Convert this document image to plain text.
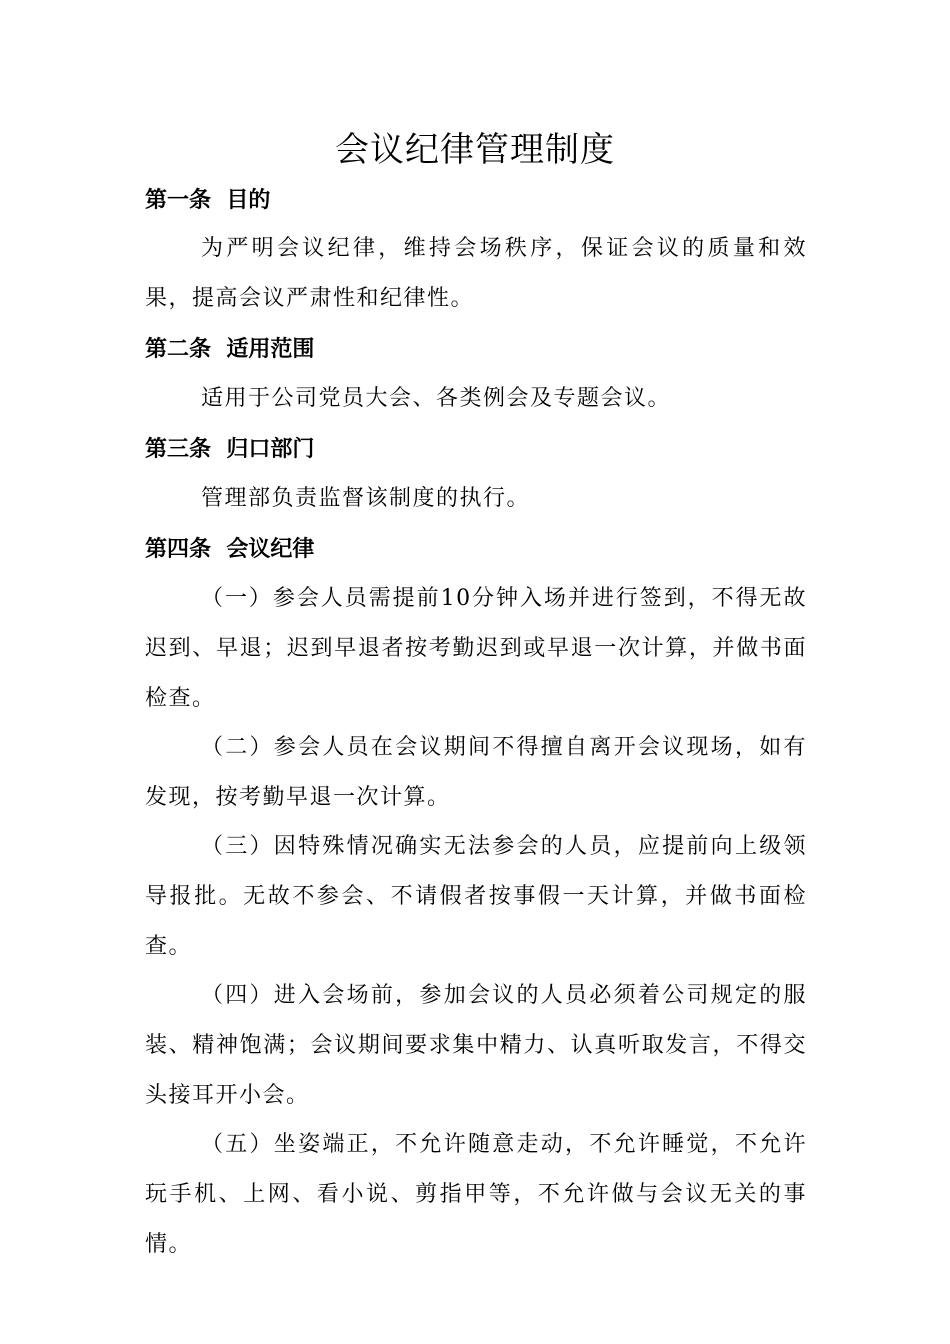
会议纪律管理制度
第一条  目的
为严明会议纪律，维持会场秩序，保证会议的质量和效果，提高会议严肃性和纪律性。
第二条  适用范围
适用于公司党员大会、各类例会及专题会议。
第三条  归口部门
管理部负责监督该制度的执行。
第四条  会议纪律
（一）参会人员需提前10分钟入场并进行签到，不得无故迟到、早退；迟到早退者按考勤迟到或早退一次计算，并做书面检查。
（二）参会人员在会议期间不得擅自离开会议现场，如有发现，按考勤早退一次计算。
（三）因特殊情况确实无法参会的人员，应提前向上级领导报批。无故不参会、不请假者按事假一天计算，并做书面检查。
（四）进入会场前，参加会议的人员必须着公司规定的服装、精神饱满；会议期间要求集中精力、认真听取发言，不得交头接耳开小会。
（五）坐姿端正，不允许随意走动，不允许睡觉，不允许玩手机、上网、看小说、剪指甲等，不允许做与会议无关的事情。
